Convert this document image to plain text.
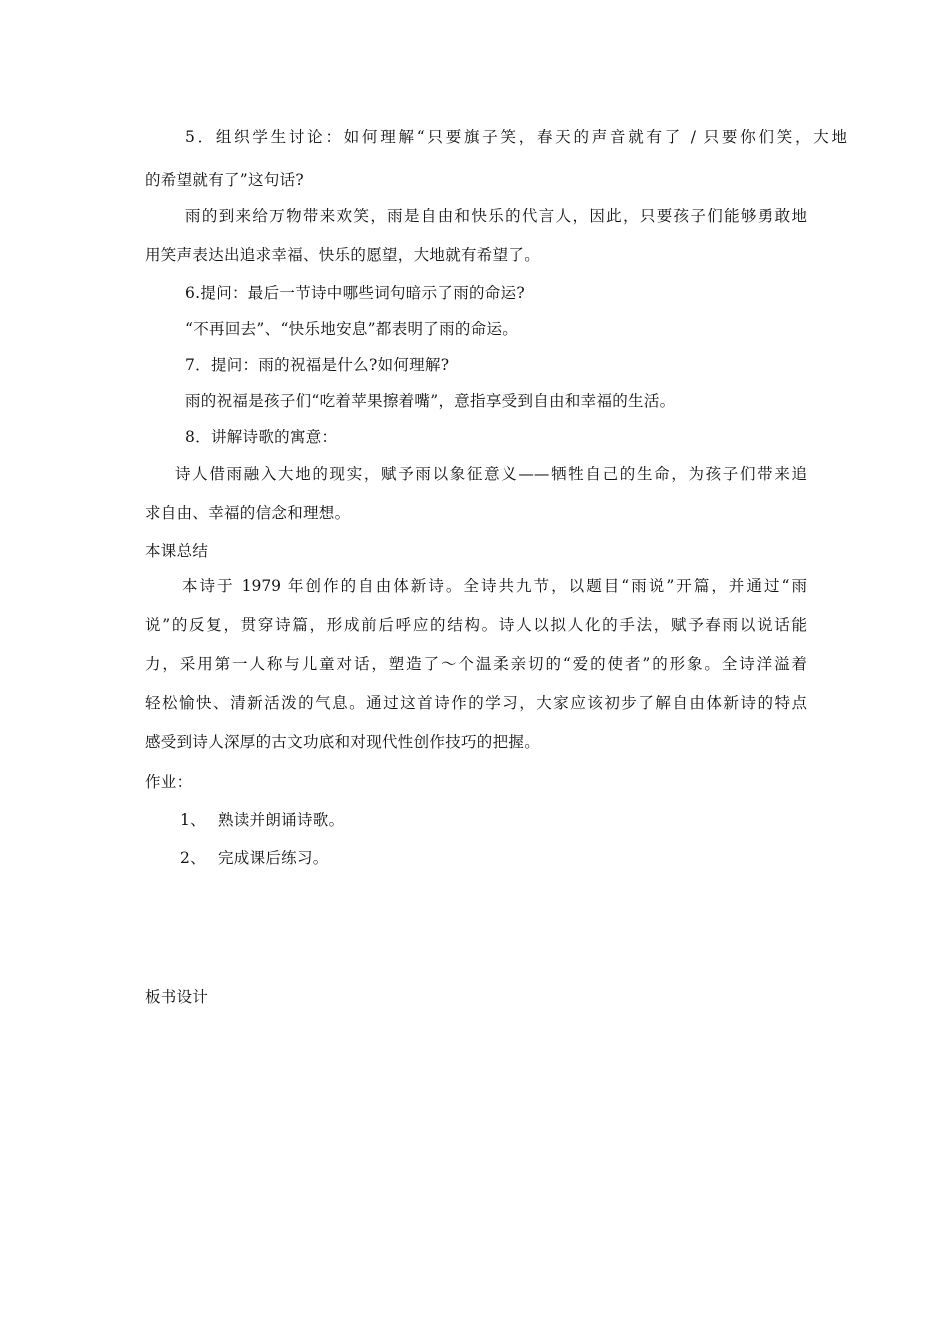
5．组织学生讨论：如何理解“只要旗子笑，春天的声音就有了 / 只要你们笑，大地
的希望就有了”这句话?
雨的到来给万物带来欢笑，雨是自由和快乐的代言人，因此，只要孩子们能够勇敢地
用笑声表达出追求幸福、快乐的愿望，大地就有希望了。
6.提问：最后一节诗中哪些词句暗示了雨的命运?
“不再回去”、“快乐地安息”都表明了雨的命运。
7．提问：雨的祝福是什么?如何理解?
雨的祝福是孩子们“吃着苹果擦着嘴”，意指享受到自由和幸福的生活。
8．讲解诗歌的寓意：
诗人借雨融入大地的现实，赋予雨以象征意义——牺牲自己的生命，为孩子们带来追
求自由、幸福的信念和理想。
本课总结
本诗于 1979 年创作的自由体新诗。全诗共九节，以题目“雨说”开篇，并通过“雨
说”的反复，贯穿诗篇，形成前后呼应的结构。诗人以拟人化的手法，赋予春雨以说话能
力，采用第一人称与儿童对话，塑造了～个温柔亲切的“爱的使者”的形象。全诗洋溢着
轻松愉快、清新活泼的气息。通过这首诗作的学习，大家应该初步了解自由体新诗的特点
感受到诗人深厚的古文功底和对现代性创作技巧的把握。
作业：
1、 熟读并朗诵诗歌。
2、 完成课后练习。
板书设计
